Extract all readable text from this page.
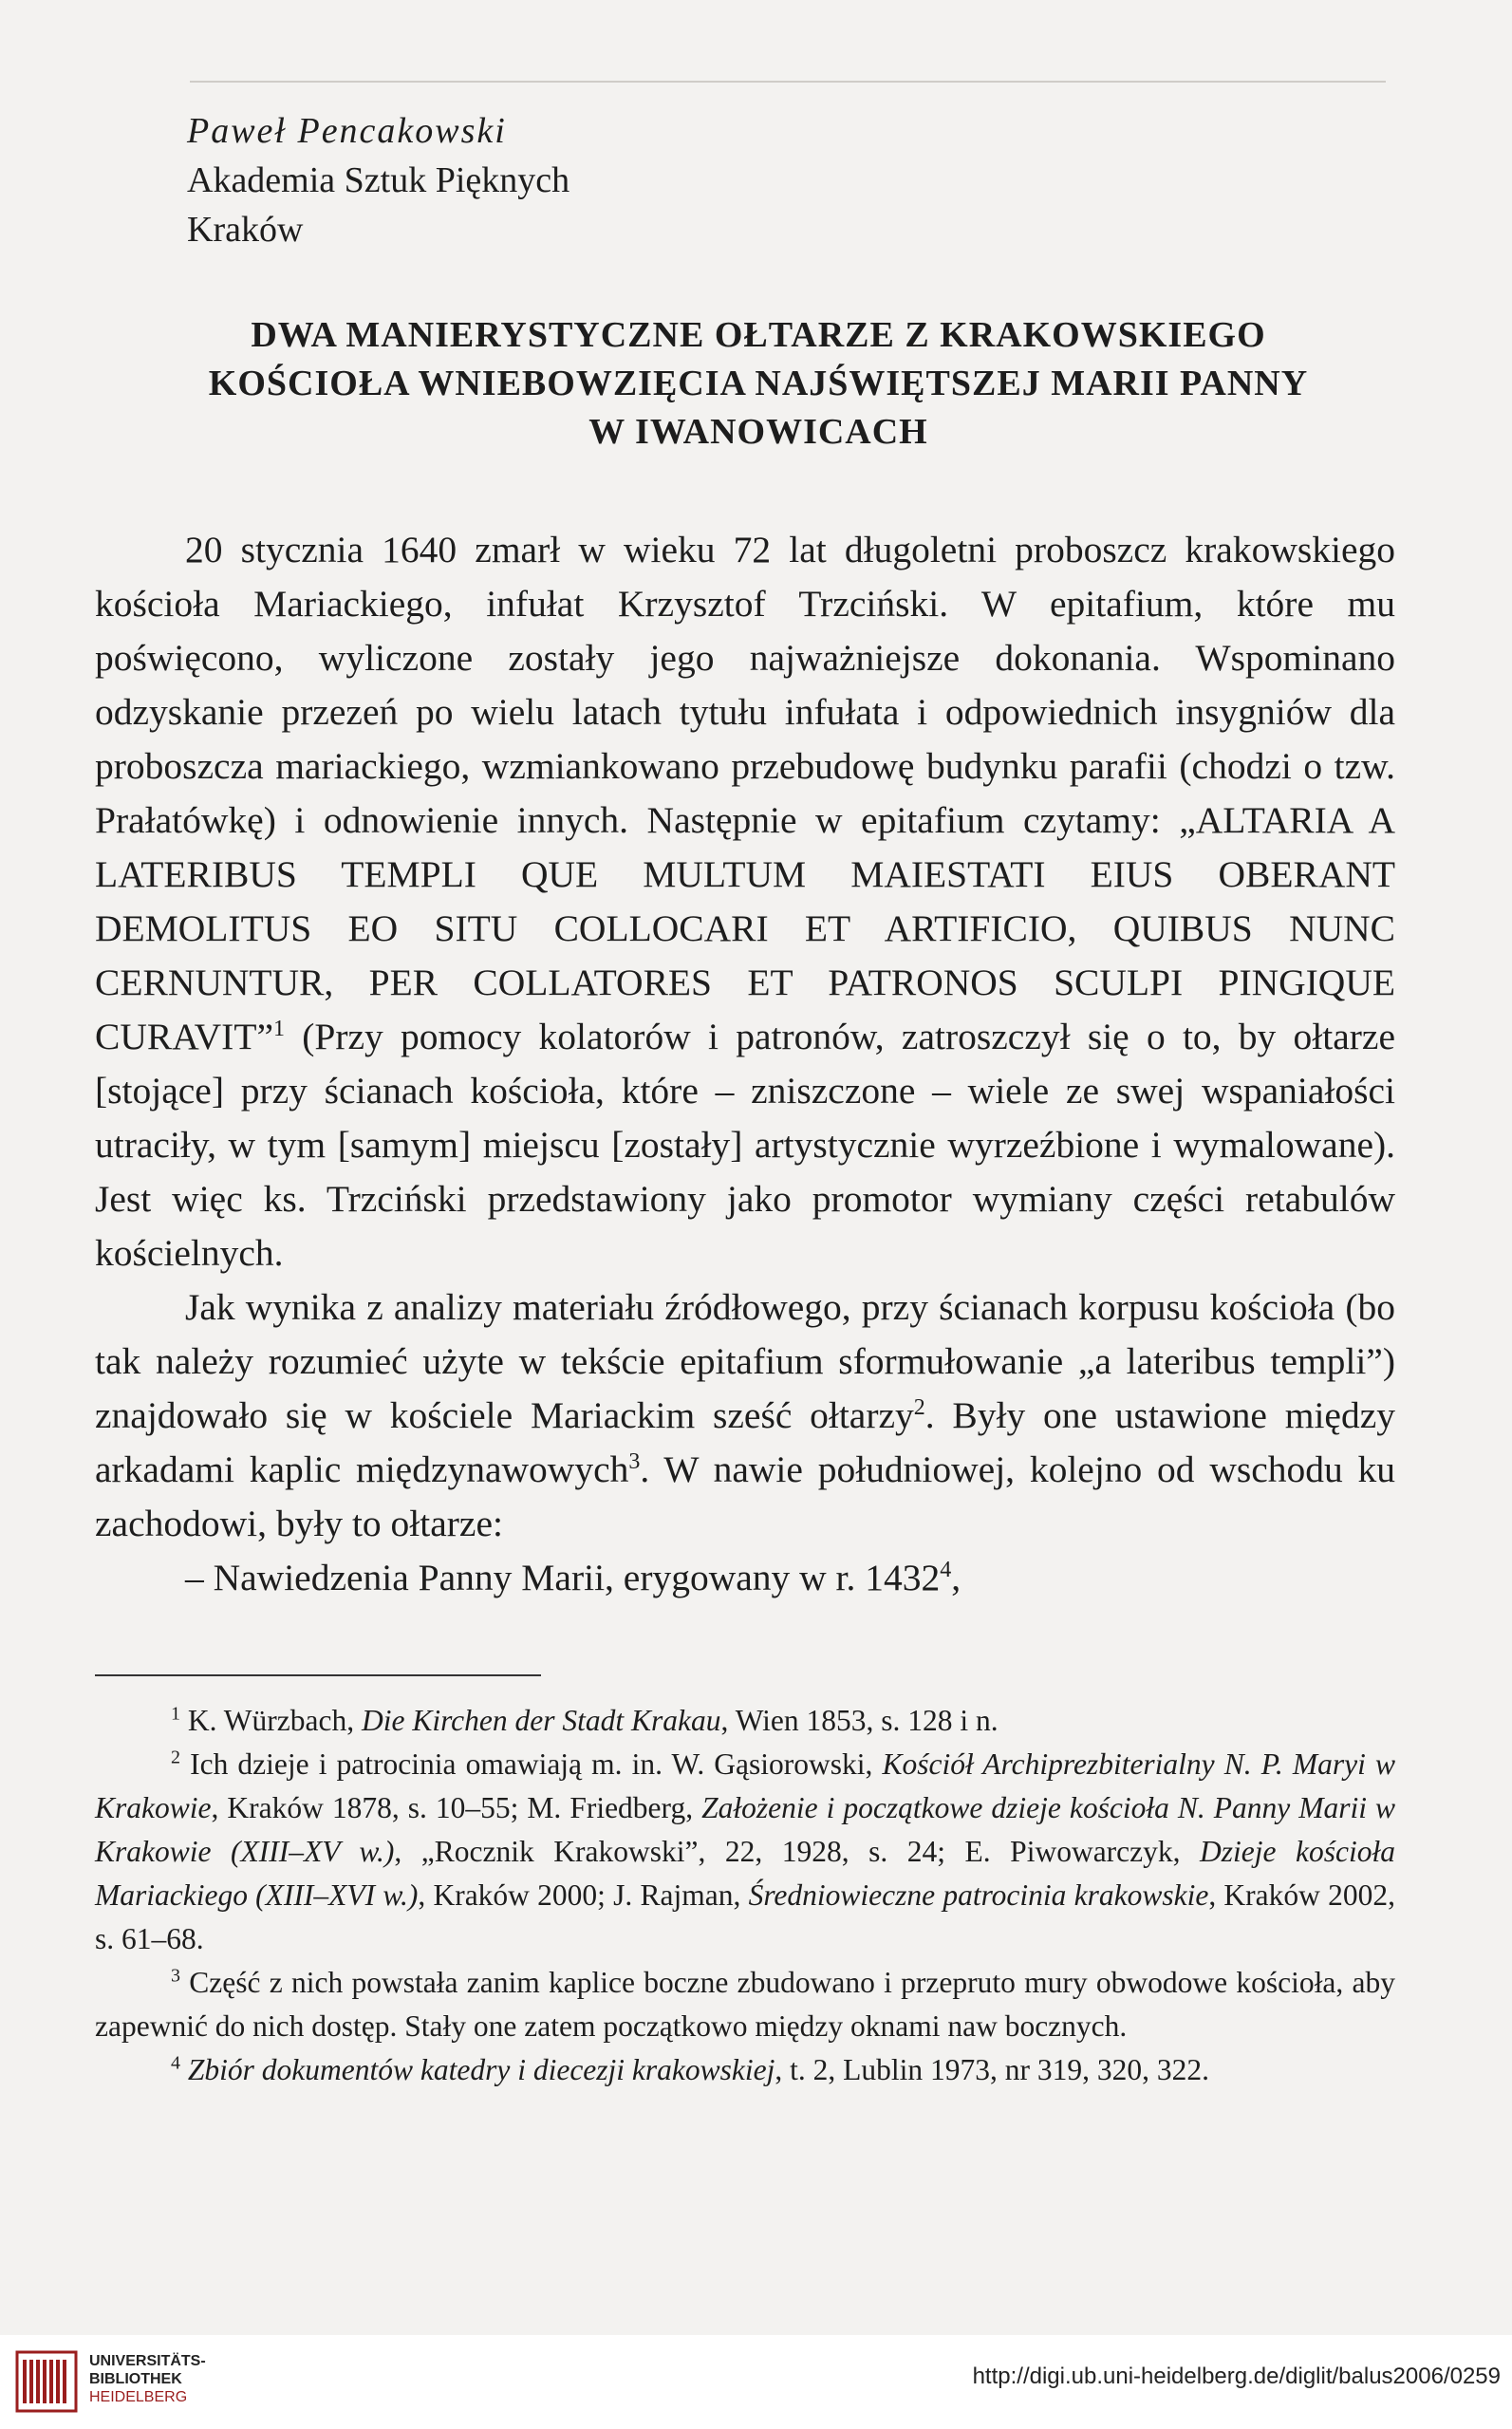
Paweł Pencakowski
Akademia Sztuk Pięknych
Kraków
DWA MANIERYSTYCZNE OŁTARZE Z KRAKOWSKIEGO
KOŚCIOŁA WNIEBOWZIĘCIA NAJŚWIĘTSZEJ MARII PANNY
W IWANOWICACH

20 stycznia 1640 zmarł w wieku 72 lat długoletni proboszcz krakowskiego kościoła Mariackiego, infułat Krzysztof Trzciński. W epitafium, które mu poświęcono, wyliczone zostały jego najważniejsze dokonania. Wspominano odzyskanie przezeń po wielu latach tytułu infułata i odpowiednich insygniów dla proboszcza mariackiego, wzmiankowano przebudowę budynku parafii (chodzi o tzw. Prałatówkę) i odnowienie innych. Następnie w epitafium czytamy: „ALTARIA A LATERIBUS TEMPLI QUE MULTUM MAIESTATI EIUS OBERANT DEMOLITUS EO SITU COLLOCARI ET ARTIFICIO, QUIBUS NUNC CERNUNTUR, PER COLLATORES ET PATRONOS SCULPI PINGIQUE CURAVIT”$^1$ (Przy pomocy kolatorów i patronów, zatroszczył się o to, by ołtarze [stojące] przy ścianach kościoła, które – zniszczone – wiele ze swej wspaniałości utraciły, w tym [samym] miejscu [zostały] artystycznie wyrzeźbione i wymalowane). Jest więc ks. Trzciński przedstawiony jako promotor wymiany części retabulów kościelnych.

Jak wynika z analizy materiału źródłowego, przy ścianach korpusu kościoła (bo tak należy rozumieć użyte w tekście epitafium sformułowanie „a lateribus templi”) znajdowało się w kościele Mariackim sześć ołtarzy$^2$. Były one ustawione między arkadami kaplic międzynawowych$^3$. W nawie południowej, kolejno od wschodu ku zachodowi, były to ołtarze:

– Nawiedzenia Panny Marii, erygowany w r. 1432$^4$,

$^1$ K. Würzbach, Die Kirchen der Stadt Krakau, Wien 1853, s. 128 i n.

$^2$ Ich dzieje i patrocinia omawiają m. in. W. Gąsiorowski, Kościół Archiprezbiterialny N. P. Maryi w Krakowie, Kraków 1878, s. 10–55; M. Friedberg, Założenie i początkowe dzieje kościoła N. Panny Marii w Krakowie (XIII–XV w.), „Rocznik Krakowski”, 22, 1928, s. 24; E. Piwowarczyk, Dzieje kościoła Mariackiego (XIII–XVI w.), Kraków 2000; J. Rajman, Średniowieczne patrocinia krakowskie, Kraków 2002, s. 61–68.

$^3$ Część z nich powstała zanim kaplice boczne zbudowano i przepruto mury obwodowe kościoła, aby zapewnić do nich dostęp. Stały one zatem początkowo między oknami naw bocznych.

$^4$ Zbiór dokumentów katedry i diecezji krakowskiej, t. 2, Lublin 1973, nr 319, 320, 322.

UNIVERSITÄTS-
BIBLIOTHEK
HEIDELBERG
http://digi.ub.uni-heidelberg.de/diglit/balus2006/0259
